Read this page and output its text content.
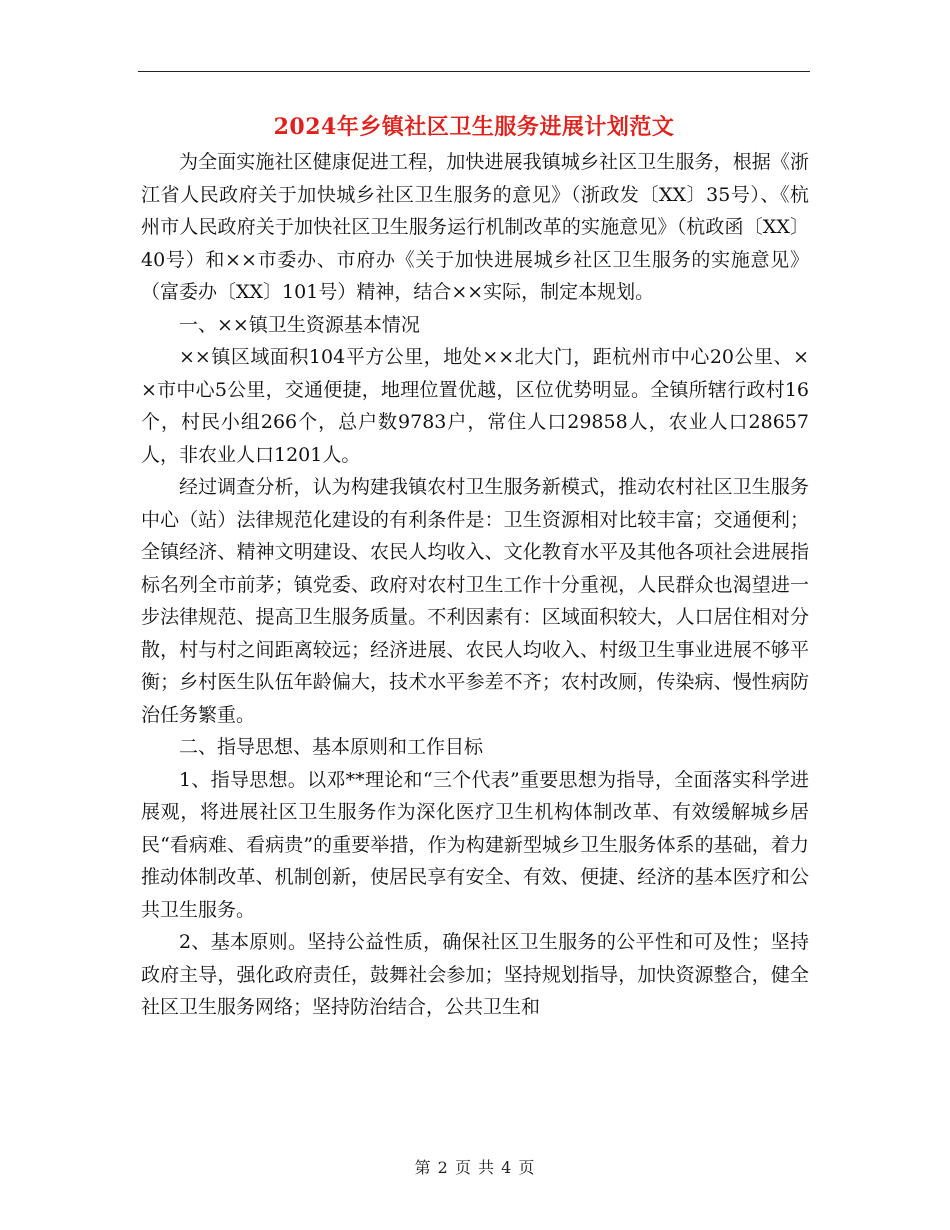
2024年乡镇社区卫生服务进展计划范文

为全面实施社区健康促进工程，加快进展我镇城乡社区卫生服务，根据《浙江省人民政府关于加快城乡社区卫生服务的意见》（浙政发〔XX〕35号）、《杭州市人民政府关于加快社区卫生服务运行机制改革的实施意见》（杭政函〔XX〕40号）和××市委办、市府办《关于加快进展城乡社区卫生服务的实施意见》（富委办〔XX〕101号）精神，结合××实际，制定本规划。

一、××镇卫生资源基本情况

××镇区域面积104平方公里，地处××北大门，距杭州市中心20公里、××市中心5公里，交通便捷，地理位置优越，区位优势明显。全镇所辖行政村16个，村民小组266个，总户数9783户，常住人口29858人，农业人口28657人，非农业人口1201人。

经过调查分析，认为构建我镇农村卫生服务新模式，推动农村社区卫生服务中心（站）法律规范化建设的有利条件是：卫生资源相对比较丰富；交通便利；全镇经济、精神文明建设、农民人均收入、文化教育水平及其他各项社会进展指标名列全市前茅；镇党委、政府对农村卫生工作十分重视，人民群众也渴望进一步法律规范、提高卫生服务质量。不利因素有：区域面积较大，人口居住相对分散，村与村之间距离较远；经济进展、农民人均收入、村级卫生事业进展不够平衡；乡村医生队伍年龄偏大，技术水平参差不齐；农村改厕，传染病、慢性病防治任务繁重。

二、指导思想、基本原则和工作目标

1、指导思想。以邓**理论和“三个代表”重要思想为指导，全面落实科学进展观，将进展社区卫生服务作为深化医疗卫生机构体制改革、有效缓解城乡居民“看病难、看病贵”的重要举措，作为构建新型城乡卫生服务体系的基础，着力推动体制改革、机制创新，使居民享有安全、有效、便捷、经济的基本医疗和公共卫生服务。

2、基本原则。坚持公益性质，确保社区卫生服务的公平性和可及性；坚持政府主导，强化政府责任，鼓舞社会参加；坚持规划指导，加快资源整合，健全社区卫生服务网络；坚持防治结合，公共卫生和

第 2 页 共 4 页
